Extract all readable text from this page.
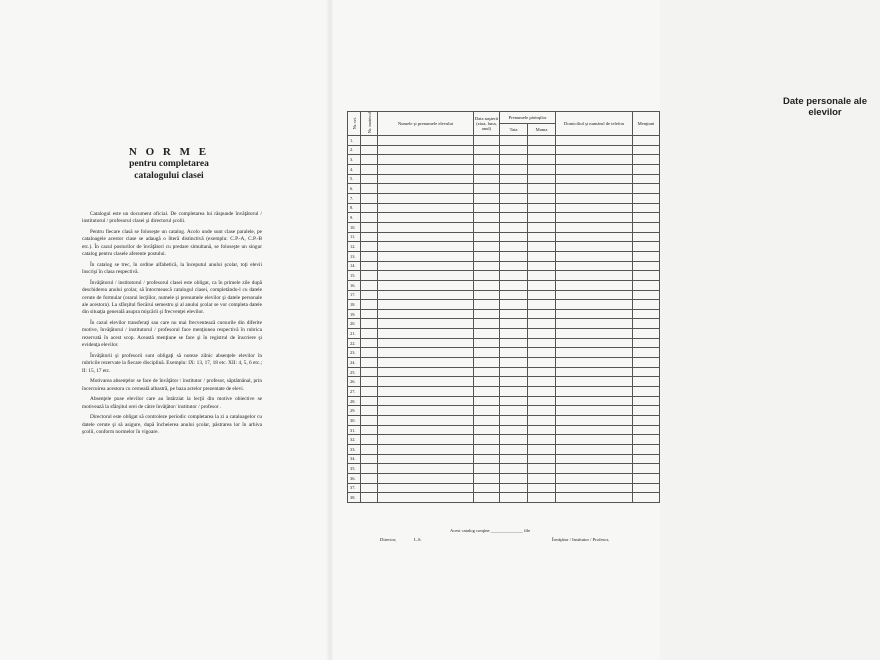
N O R M E
pentru completarea
catalogului clasei

Catalogul este un document oficial. De completarea lui răspunde învăţătorul / institutorul / profesorul clasei şi directorul şcolii.

Pentru fiecare clasă se foloseşte un catalog. Acolo unde sunt clase paralele, pe cataloagele acestor clase se adaugă o literă distinctivă (exemplu: C.P.-A, C.P.-B etc.). În cazul posturilor de învăţători cu predare simultană, se foloseşte un singur catalog pentru clasele aferente postului.

În catalog se trec, în ordine alfabetică, la începutul anului şcolar, toţi elevii înscrişi în clasa respectivă.

Învăţătorul / institutorul / profesorul clasei este obligat, ca în primele zile după deschiderea anului şcolar, să întocmească catalogul clasei, completându-l cu datele cerute de formular (orarul lecţiilor, numele şi prenumele elevilor şi datele personale ale acestora). La sfârşitul fiecărui semestru şi al anului şcolar se vor completa datele din situaţia generală asupra mişcării şi frecvenţei elevilor.

În cazul elevilor transferaţi sau care nu mai frecventează cursurile din diferite motive, învăţătorul / institutorul / profesorul face menţiunea respectivă în rubrica rezervată în acest scop. Această menţiune se face şi în registrul de înscriere şi evidenţa elevilor.

Învăţătorii şi profesorii sunt obligaţi să noteze zilnic absenţele elevilor în rubricile rezervate la fiecare disciplină. Exemplu: IX: 13, 17, 18 etc. XII: 4, 5, 6 etc.; II: 15, 17 etc.

Motivarea absenţelor se face de învăţător / institutor / profesor, săptămânal, prin încercuirea acestora cu cerneală albastră, pe baza actelor prezentate de elevi.

Absenţele puse elevilor care au întârziat la lecţii din motive obiective se motivează la sfârşitul orei de către învăţător/ institutor / profesor .

Directorul este obligat să controleze periodic completarea la zi a cataloagelor cu datele cerute şi să asigure, după încheierea anului şcolar, păstrarea lor în arhiva şcolii, conform normelor în vigoare.

Date personale ale elevilor
Nr. crt.	Nr. matricol	Numele şi prenumele elevului	Data naşterii (ziua, luna, anul)	Prenumele părinţilor		Domiciliul şi numărul de telefon	Menţiuni
				Tata	Mama		
1.							
2.							
3.							
4.							
5.							
6.							
7.							
8.							
9.							
10.							
11.							
12.							
13.							
14.							
15.							
16.							
17.							
18.							
19.							
20.							
21.							
22.							
23.							
24.							
25.							
26.							
27.							
28.							
29.							
30.							
31.							
32.							
33.							
34.							
35.							
36.							
37.							
38.							
Acest catalog conţine ______________ file
Director,	L.S.	Învăţător / Institutor / Profesor,
